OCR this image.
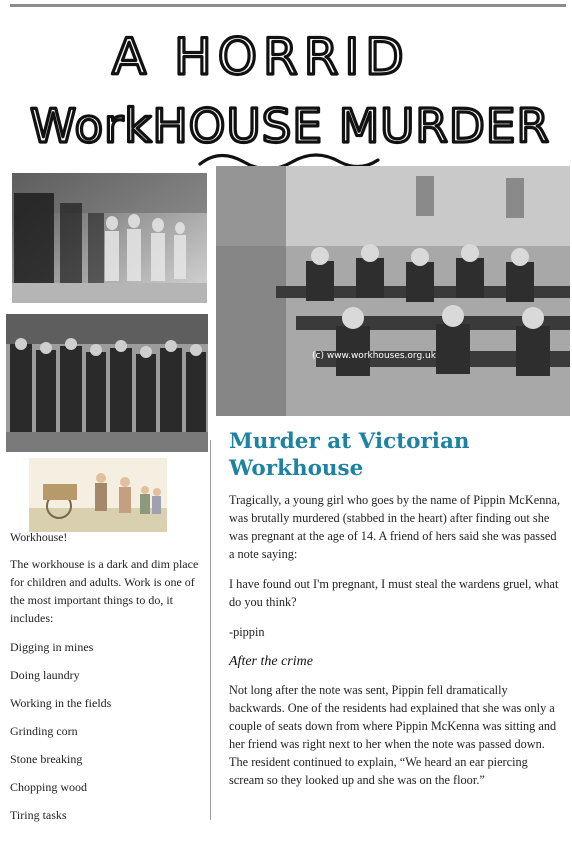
A HORRID
WorkHOUSE MURDER
(c) www.workhouses.org.uk
Workhouse!
The workhouse is a dark and dim place for children and adults. Work is one of the most important things to do, it includes:
Digging in mines
Doing laundry
Working in the fields
Grinding corn
Stone breaking
Chopping wood
Tiring tasks
Murder at Victorian Workhouse

Tragically, a young girl who goes by the name of Pippin McKenna, was brutally murdered (stabbed in the heart) after finding out she was pregnant at the age of 14. A friend of hers said she was passed a note saying:

I have found out I'm pregnant, I must steal the wardens gruel, what do you think?

-pippin

After the crime

Not long after the note was sent, Pippin fell dramatically backwards. One of the residents had explained that she was only a couple of seats down from where Pippin McKenna was sitting and her friend was right next to her when the note was passed down. The resident continued to explain, “We heard an ear piercing scream so they looked up and she was on the floor.”
